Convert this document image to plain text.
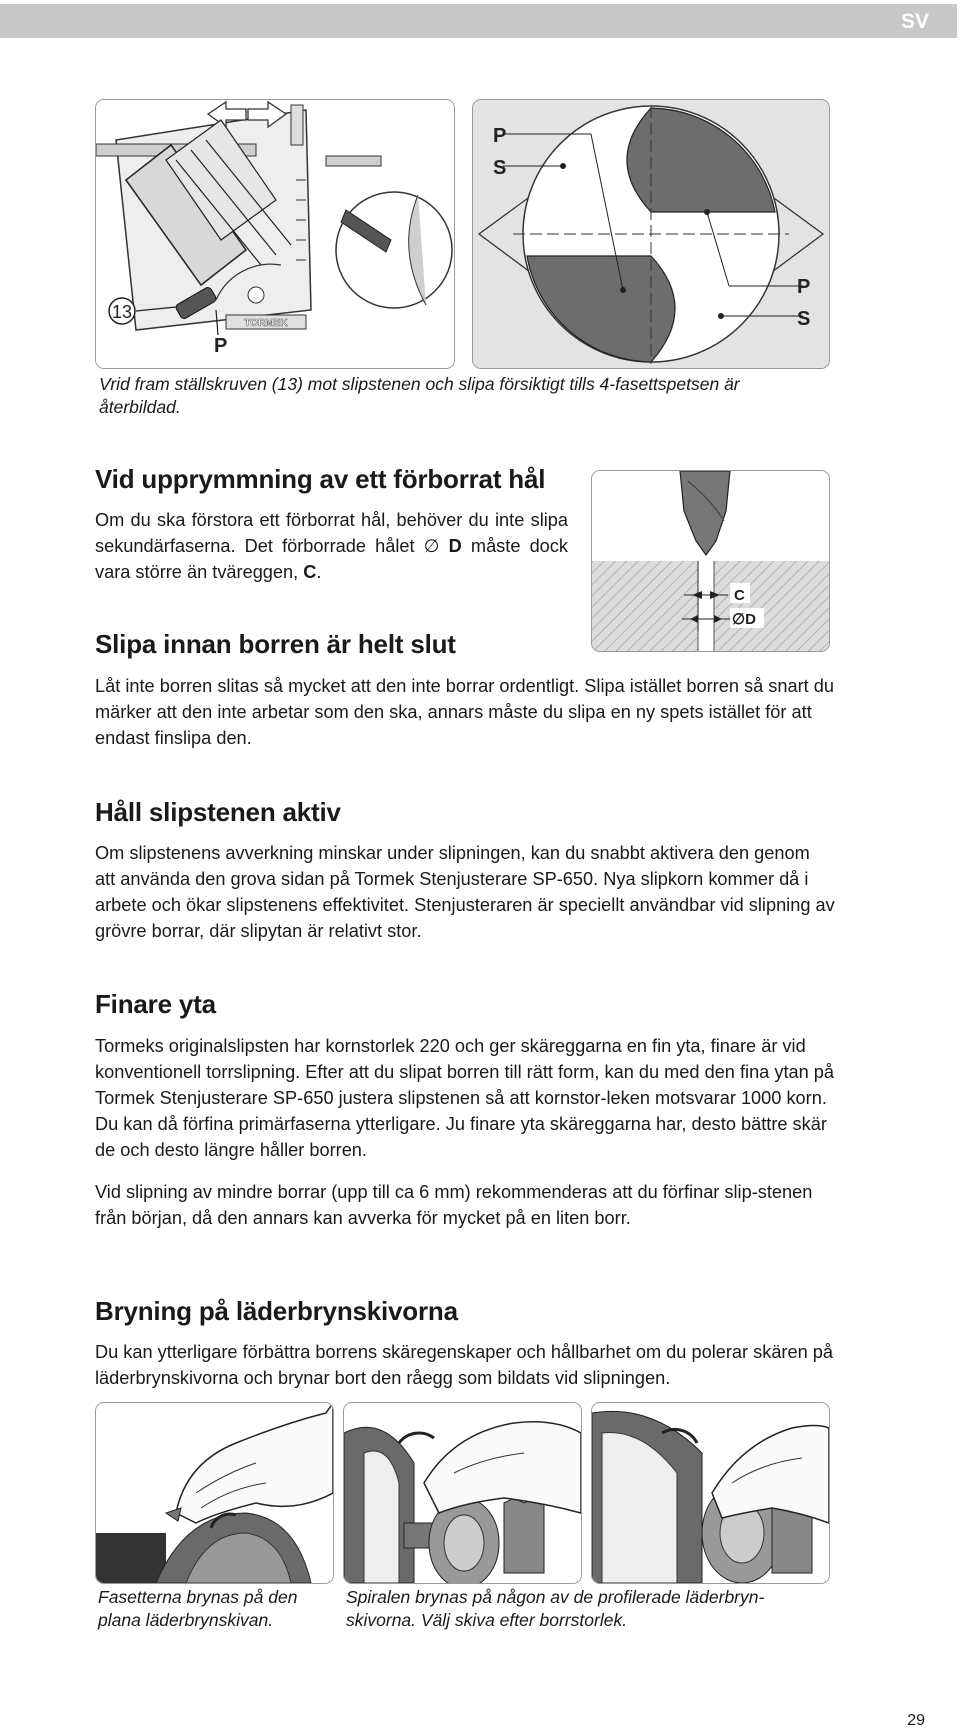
SV
TORMEK
13
P
P
S
P
S
Vrid fram ställskruven (13) mot slipstenen och slipa försiktigt tills 4-fasettspetsen är återbildad.
Vid upprymmning av ett förborrat hål

Om du ska förstora ett förborrat hål, behöver du inte slipa sekundärfaserna. Det förborrade hålet ∅ D måste dock vara större än tväreggen, C.

C
∅D
Slipa innan borren är helt slut

Låt inte borren slitas så mycket att den inte borrar ordentligt. Slipa istället borren så snart du märker att den inte arbetar som den ska, annars måste du slipa en ny spets istället för att endast finslipa den.

Håll slipstenen aktiv

Om slipstenens avverkning minskar under slipningen, kan du snabbt aktivera den genom att använda den grova sidan på Tormek Stenjusterare SP-650. Nya slipkorn kommer då i arbete och ökar slipstenens effektivitet. Stenjusteraren är speciellt användbar vid slipning av grövre borrar, där slipytan är relativt stor.

Finare yta

Tormeks originalslipsten har kornstorlek 220 och ger skäreggarna en fin yta, finare är vid konventionell torrslipning. Efter att du slipat borren till rätt form, kan du med den fina ytan på Tormek Stenjusterare SP-650 justera slipstenen så att kornstor-leken motsvarar 1000 korn. Du kan då förfina primärfaserna ytterligare. Ju finare yta skäreggarna har, desto bättre skär de och desto längre håller borren.

Vid slipning av mindre borrar (upp till ca 6 mm) rekommenderas att du förfinar slip-stenen från början, då den annars kan avverka för mycket på en liten borr.

Bryning på läderbrynskivorna

Du kan ytterligare förbättra borrens skäregenskaper och hållbarhet om du polerar skären på läderbrynskivorna och brynar bort den råegg som bildats vid slipningen.

Fasetterna brynas på den plana läderbrynskivan.
Spiralen brynas på någon av de profilerade läderbryn-skivorna. Välj skiva efter borrstorlek.
29
